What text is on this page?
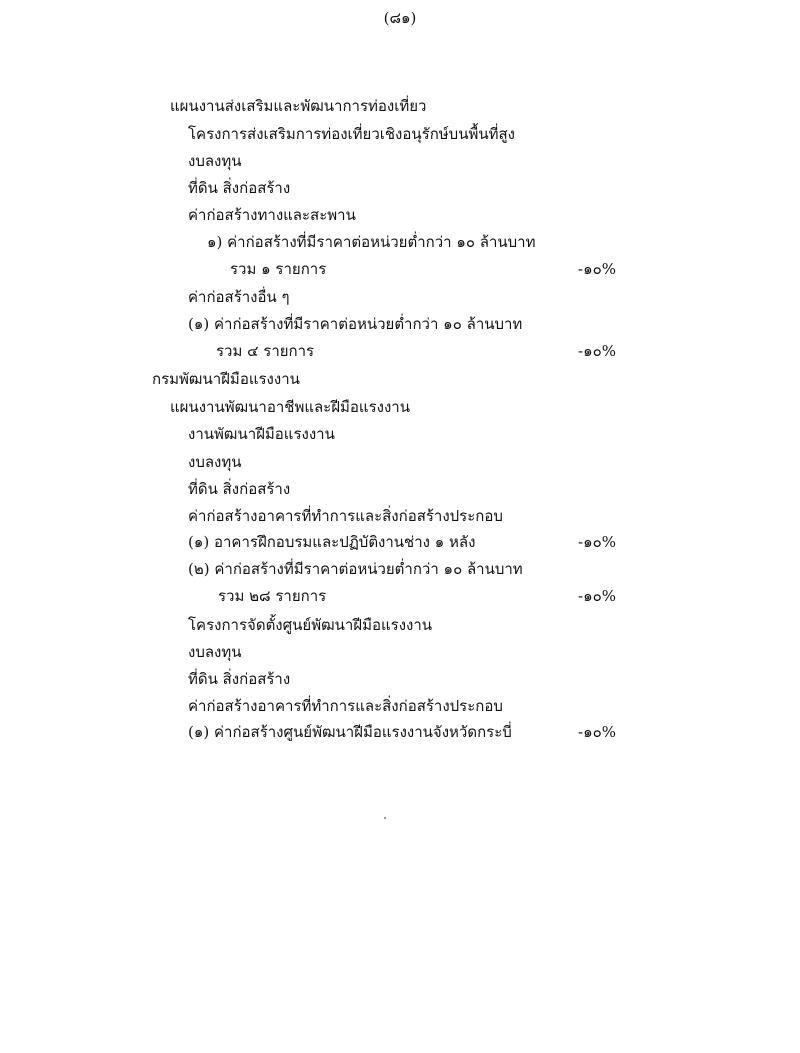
(๘๑)
แผนงานส่งเสริมและพัฒนาการท่องเที่ยว
โครงการส่งเสริมการท่องเที่ยวเชิงอนุรักษ์บนพื้นที่สูง
งบลงทุน
ที่ดิน สิ่งก่อสร้าง
ค่าก่อสร้างทางและสะพาน
๑) ค่าก่อสร้างที่มีราคาต่อหน่วยต่ำกว่า ๑๐ ล้านบาท
รวม ๑ รายการ	-๑๐%
ค่าก่อสร้างอื่น ๆ
(๑) ค่าก่อสร้างที่มีราคาต่อหน่วยต่ำกว่า ๑๐ ล้านบาท
รวม ๔ รายการ	-๑๐%
กรมพัฒนาฝีมือแรงงาน
แผนงานพัฒนาอาชีพและฝีมือแรงงาน
งานพัฒนาฝีมือแรงงาน
งบลงทุน
ที่ดิน สิ่งก่อสร้าง
ค่าก่อสร้างอาคารที่ทำการและสิ่งก่อสร้างประกอบ
(๑) อาคารฝึกอบรมและปฏิบัติงานช่าง ๑ หลัง	-๑๐%
(๒) ค่าก่อสร้างที่มีราคาต่อหน่วยต่ำกว่า ๑๐ ล้านบาท
รวม ๒๘ รายการ	-๑๐%
โครงการจัดตั้งศูนย์พัฒนาฝีมือแรงงาน
งบลงทุน
ที่ดิน สิ่งก่อสร้าง
ค่าก่อสร้างอาคารที่ทำการและสิ่งก่อสร้างประกอบ
(๑) ค่าก่อสร้างศูนย์พัฒนาฝีมือแรงงานจังหวัดกระบี่	-๑๐%
